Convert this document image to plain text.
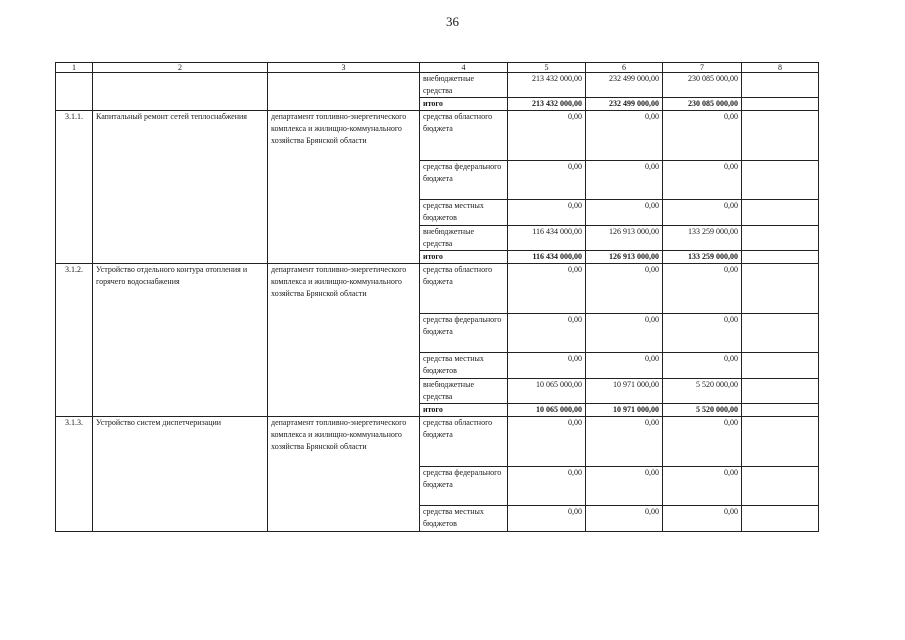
36
1	2	3	4	5	6	7	8
			внебюджетные средства	213 432 000,00	232 499 000,00	230 085 000,00	
			итого	213 432 000,00	232 499 000,00	230 085 000,00	
3.1.1.	Капитальный ремонт сетей теплоснабжения	департамент топливно-энергетического комплекса и жилищно-коммунального хозяйства Брянской области	средства областного бюджета	0,00	0,00	0,00	
			средства федерального бюджета	0,00	0,00	0,00	
			средства местных бюджетов	0,00	0,00	0,00	
			внебюджетные средства	116 434 000,00	126 913 000,00	133 259 000,00	
			итого	116 434 000,00	126 913 000,00	133 259 000,00	
3.1.2.	Устройство отдельного контура отопления и горячего водоснабжения	департамент топливно-энергетического комплекса и жилищно-коммунального хозяйства Брянской области	средства областного бюджета	0,00	0,00	0,00	
			средства федерального бюджета	0,00	0,00	0,00	
			средства местных бюджетов	0,00	0,00	0,00	
			внебюджетные средства	10 065 000,00	10 971 000,00	5 520 000,00	
			итого	10 065 000,00	10 971 000,00	5 520 000,00	
3.1.3.	Устройство систем диспетчеризации	департамент топливно-энергетического комплекса и жилищно-коммунального хозяйства Брянской области	средства областного бюджета	0,00	0,00	0,00	
			средства федерального бюджета	0,00	0,00	0,00	
			средства местных бюджетов	0,00	0,00	0,00	
